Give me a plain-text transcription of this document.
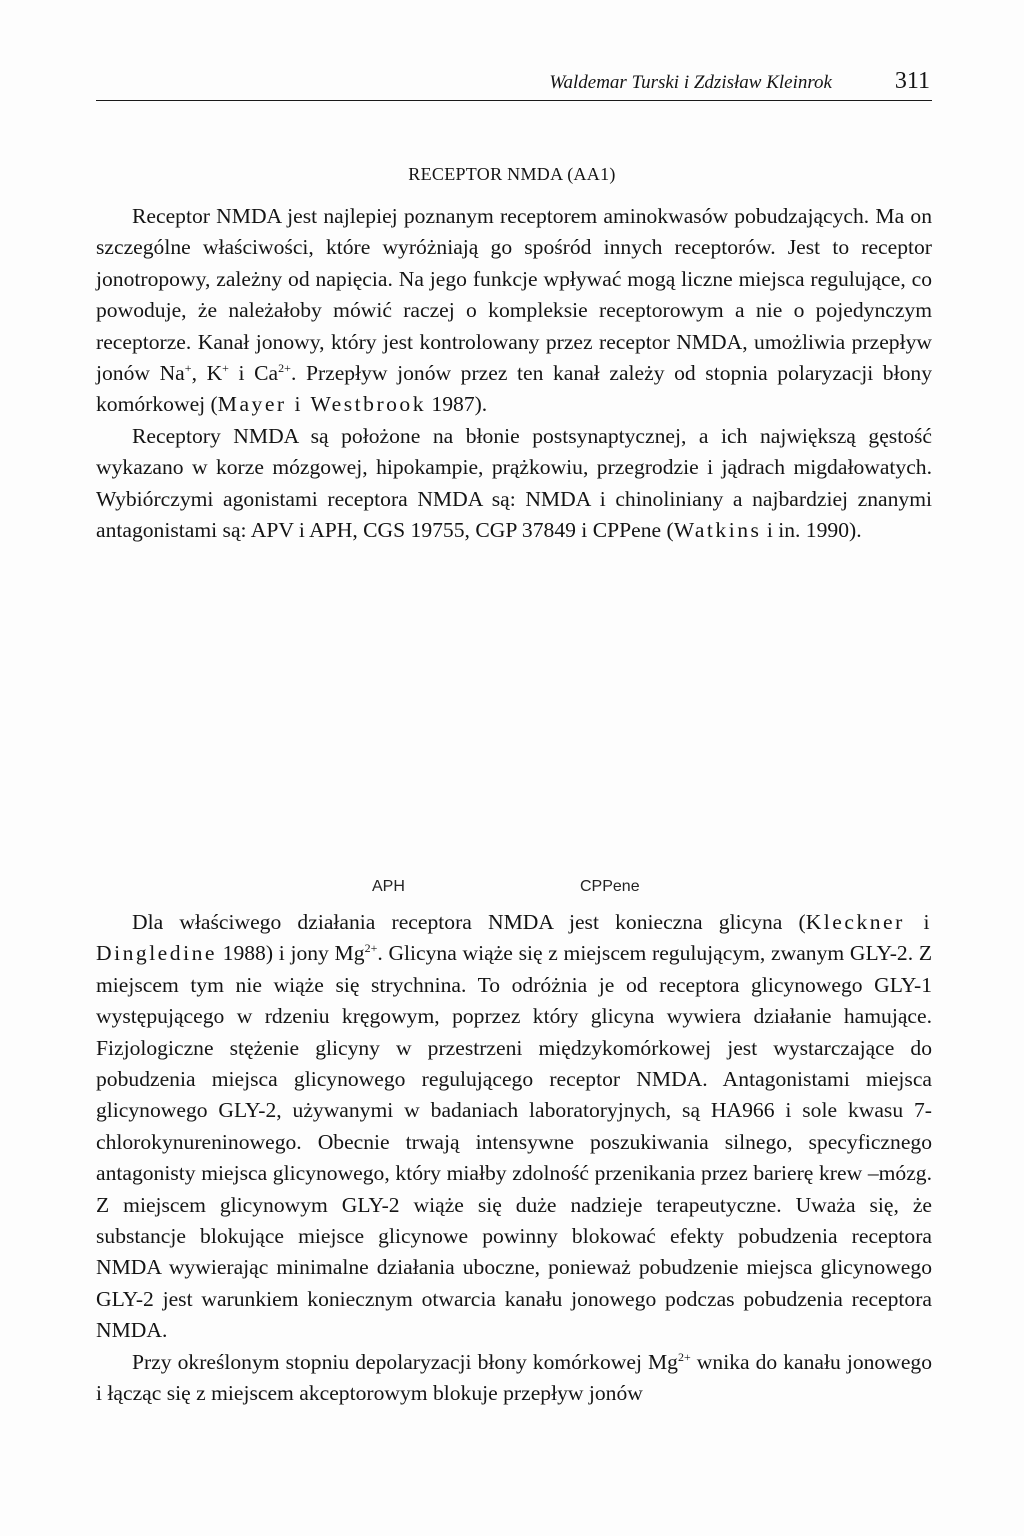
Waldemar Turski i Zdzisław Kleinrok	311
RECEPTOR NMDA (AA1)

Receptor NMDA jest najlepiej poznanym receptorem aminokwasów pobudzających. Ma on szczególne właściwości, które wyróżniają go spośród innych receptorów. Jest to receptor jonotropowy, zależny od napięcia. Na jego funkcje wpływać mogą liczne miejsca regulujące, co powoduje, że należałoby mówić raczej o kompleksie receptorowym a nie o pojedynczym receptorze. Kanał jonowy, który jest kontrolowany przez receptor NMDA, umożliwia przepływ jonów Na+, K+ i $Ca^{2+}$. Przepływ jonów przez ten kanał zależy od stopnia polaryzacji błony komórkowej (Mayer i Westbrook 1987).

Receptory NMDA są położone na błonie postsynaptycznej, a ich największą gęstość wykazano w korze mózgowej, hipokampie, prążkowiu, przegrodzie i jądrach migdałowatych. Wybiórczymi agonistami receptora NMDA są: NMDA i chinoliniany a najbardziej znanymi antagonistami są: APV i APH, CGS 19755, CGP 37849 i CPPene (Watkins i in. 1990).

APH	CPPene

Dla właściwego działania receptora NMDA jest konieczna glicyna (Kleckner i Dingledine 1988) i jony $Mg^{2+}$. Glicyna wiąże się z miejscem regulującym, zwanym GLY-2. Z miejscem tym nie wiąże się strychnina. To odróżnia je od receptora glicynowego GLY-1 występującego w rdzeniu kręgowym, poprzez który glicyna wywiera działanie hamujące. Fizjologiczne stężenie glicyny w przestrzeni międzykomórkowej jest wystarczające do pobudzenia miejsca glicynowego regulującego receptor NMDA. Antagonistami miejsca glicynowego GLY-2, używanymi w badaniach laboratoryjnych, są HA966 i sole kwasu 7-chlorokynureninowego. Obecnie trwają intensywne poszukiwania silnego, specyficznego antagonisty miejsca glicynowego, który miałby zdolność przenikania przez barierę krew –mózg. Z miejscem glicynowym GLY-2 wiąże się duże nadzieje terapeutyczne. Uważa się, że substancje blokujące miejsce glicynowe powinny blokować efekty pobudzenia receptora NMDA wywierając minimalne działania uboczne, ponieważ pobudzenie miejsca glicynowego GLY-2 jest warunkiem koniecznym otwarcia kanału jonowego podczas pobudzenia receptora NMDA.

Przy określonym stopniu depolaryzacji błony komórkowej $Mg^{2+}$ wnika do kanału jonowego i łącząc się z miejscem akceptorowym blokuje przepływ jonów
